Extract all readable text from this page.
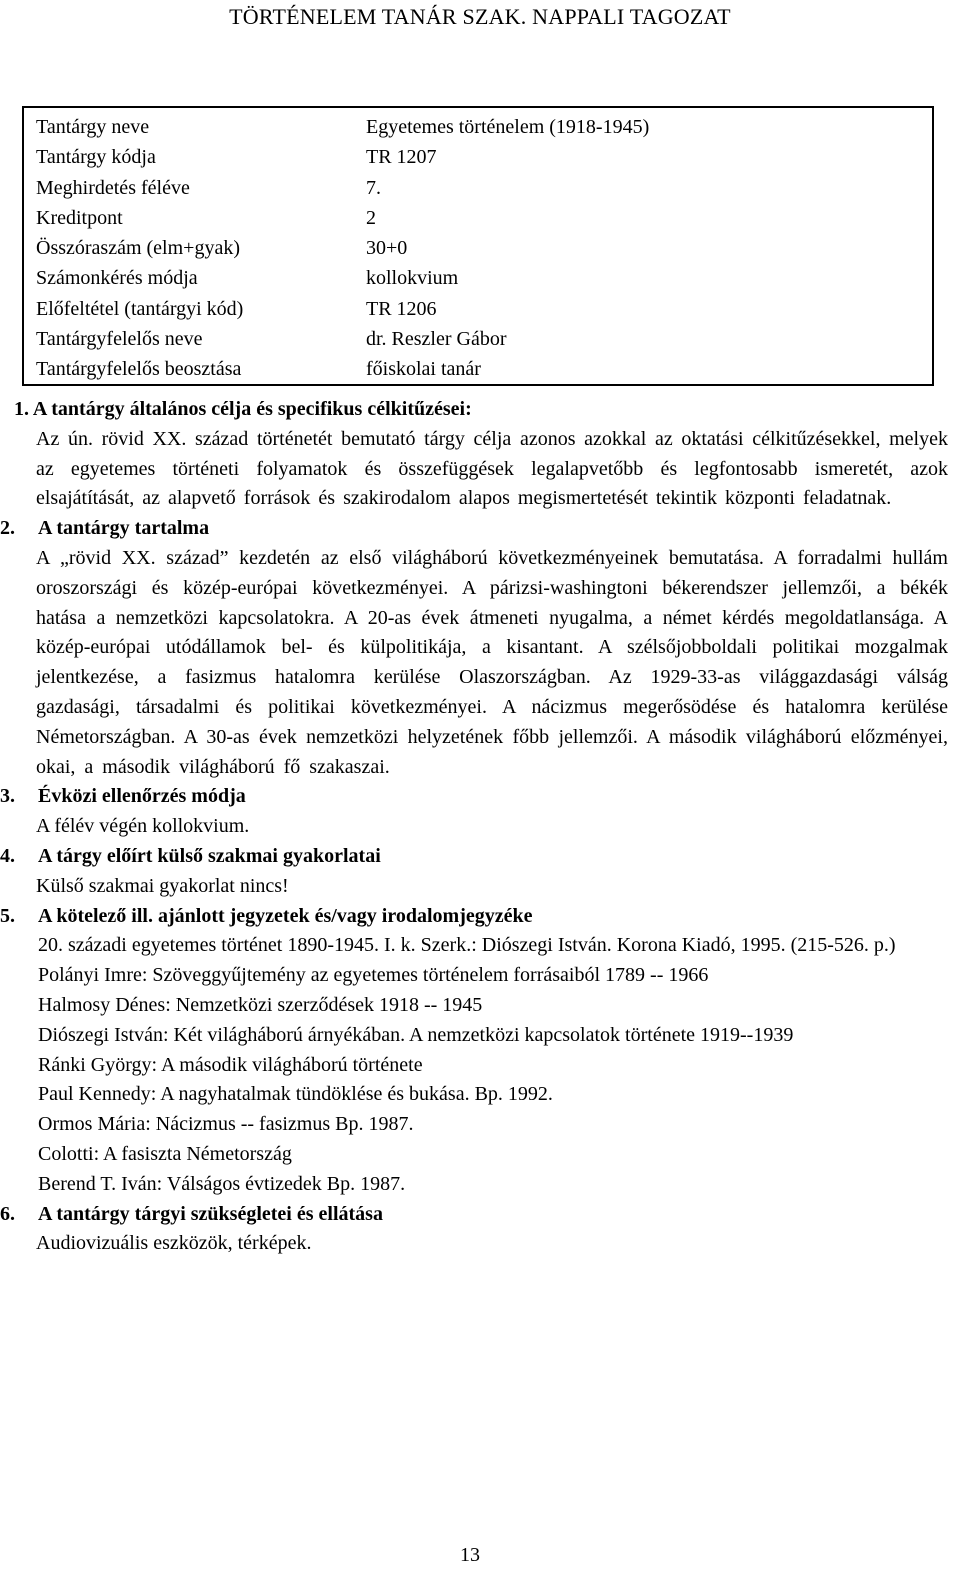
TÖRTÉNELEM TANÁR SZAK. NAPPALI TAGOZAT
Tantárgy neve	Egyetemes történelem (1918-1945)
Tantárgy kódja	TR 1207
Meghirdetés féléve	7.
Kreditpont	2
Összóraszám (elm+gyak)	30+0
Számonkérés módja	kollokvium
Előfeltétel (tantárgyi kód)	TR 1206
Tantárgyfelelős neve	dr. Reszler Gábor
Tantárgyfelelős beosztása	főiskolai tanár
1. A tantárgy általános célja és specifikus célkitűzései:
Az ún. rövid XX. század történetét bemutató tárgy célja azonos azokkal az oktatási célkitűzésekkel, melyek az egyetemes történeti folyamatok és összefüggések legalapvetőbb és legfontosabb ismeretét, azok elsajátítását, az alapvető források és szakirodalom alapos megismertetését tekintik központi feladatnak.
2. A tantárgy tartalma
A „rövid XX. század” kezdetén az első világháború következményeinek bemutatása. A forradalmi hullám oroszországi és közép-európai következményei. A párizsi-washingtoni békerendszer jellemzői, a békék hatása a nemzetközi kapcsolatokra. A 20-as évek átmeneti nyugalma, a német kérdés megoldatlansága. A közép-európai utódállamok bel- és külpolitikája, a kisantant. A szélsőjobboldali politikai mozgalmak jelentkezése, a fasizmus hatalomra kerülése Olaszországban. Az 1929-33-as világgazdasági válság gazdasági, társadalmi és politikai következményei. A nácizmus megerősödése és hatalomra kerülése Németországban. A 30-as évek nemzetközi helyzetének főbb jellemzői. A második világháború előzményei, okai, a második világháború fő szakaszai.
3. Évközi ellenőrzés módja
A félév végén kollokvium.
4. A tárgy előírt külső szakmai gyakorlatai
Külső szakmai gyakorlat nincs!
5. A kötelező ill. ajánlott jegyzetek és/vagy irodalomjegyzéke
20. századi egyetemes történet 1890-1945. I. k. Szerk.: Diószegi István. Korona Kiadó, 1995. (215-526. p.)
Polányi Imre: Szöveggyűjtemény az egyetemes történelem forrásaiból 1789 -- 1966
Halmosy Dénes: Nemzetközi szerződések 1918 -- 1945
Diószegi István: Két világháború árnyékában. A nemzetközi kapcsolatok története 1919--1939
Ránki György: A második világháború története
Paul Kennedy: A nagyhatalmak tündöklése és bukása. Bp. 1992.
Ormos Mária: Nácizmus -- fasizmus Bp. 1987.
Colotti: A fasiszta Németország
Berend T. Iván: Válságos évtizedek Bp. 1987.
6. A tantárgy tárgyi szükségletei és ellátása
Audiovizuális eszközök, térképek.
13
